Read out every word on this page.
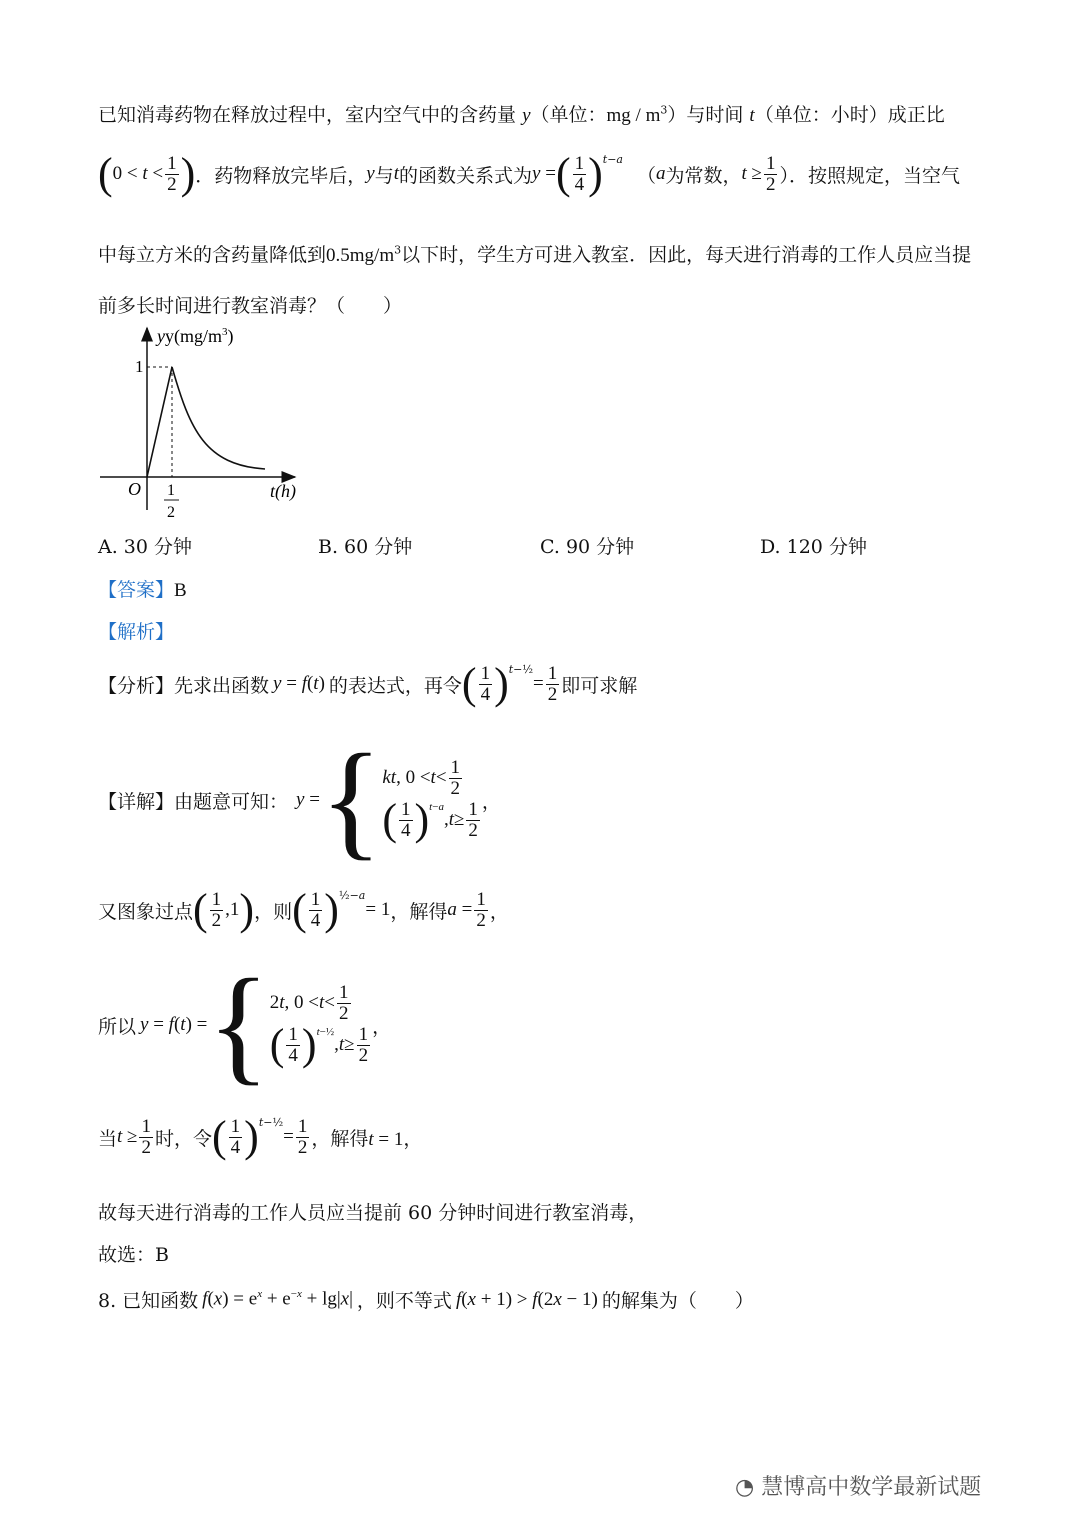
已知消毒药物在释放过程中，室内空气中的含药量 y（单位：mg / $m^3$）与时间 t（单位：小时）成正比
( $0 < t < \frac{1}{2}$ ) ．药物释放完毕后， y 与 t 的函数关系式为 y = ( $\frac{1}{4}$ ) $^{t-a}$
（ a 为常数， $t \ge \frac{1}{2}$ ）．按照规定，当空气
中每立方米的含药量降低到$0.5mg/m^3$以下时，学生方可进入教室．因此，每天进行消毒的工作人员应当提
前多长时间进行教室消毒？（　　）
$yy(mg/m^3)$
1
O 1
2
t(h)
A. 30 分钟	B. 60 分钟	C. 90 分钟	D. 120 分钟
【答案】B
【解析】
【分析】 先求出函数 y = f(t) 的表达式，再令 ( $\frac{1}{4}$ ) $^{t-\frac{1}{2}}$
= $\frac{1}{2}$ 即可求解
【详解】 由题意可知： y = { kt , $0 < t < \frac{1}{2}$
( $\frac{1}{4}$ ) $^{t-a}$
, $t \ge \frac{1}{2}$ ，
又图象过点 ( $\frac{1}{2} ,1$ ) ，则 ( $\frac{1}{4} )^{\frac{1}{2}-a}$
= 1 ，解得 $a = \frac{1}{2}$ ，
所以 y = f(t) = { 2 t , $0 < t < \frac{1}{2}$
( $\frac{1}{4}$ ) $^{t-\frac{1}{2}}$
, $t \ge \frac{1}{2}$ ，
当 $t \ge \frac{1}{2}$ 时，令 ( $\frac{1}{4}$ ) $^{t-\frac{1}{2}}$
= $\frac{1}{2}$ ，解得 t = 1，
故每天进行消毒的工作人员应当提前 60 分钟时间进行教室消毒，
故选：B
8. 已知函数 $f(x) = e^x + e^{-x} + \lg|x|$ ，则不等式 f(x + 1) > f(2x − 1) 的解集为（　　）
◔ 慧博高中数学最新试题
